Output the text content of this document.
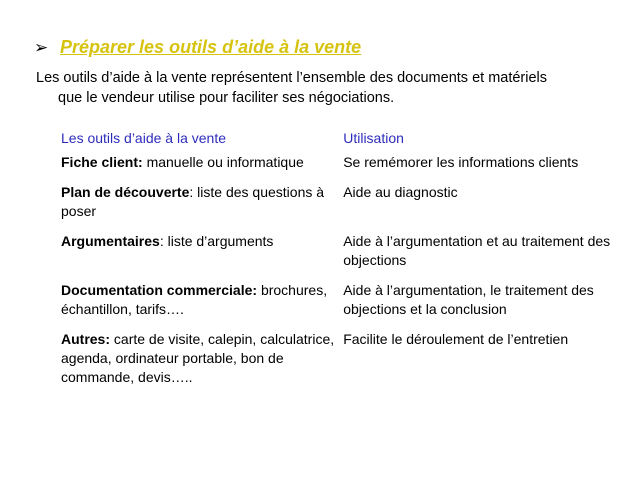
➢ Préparer les outils d’aide à la vente
Les outils d’aide à la vente représentent l’ensemble des documents et matériels
que le vendeur utilise pour faciliter ses négociations.
Les outils d’aide à la vente	Utilisation
Fiche client: manuelle ou informatique	Se remémorer les informations clients
Plan de découverte: liste des questions à poser	Aide au diagnostic
Argumentaires: liste d’arguments	Aide à l’argumentation et au traitement des objections
Documentation commerciale: brochures, échantillon, tarifs….	Aide à l’argumentation, le traitement des objections et la conclusion
Autres: carte de visite, calepin, calculatrice, agenda, ordinateur portable, bon de commande, devis…..	Facilite le déroulement de l’entretien
